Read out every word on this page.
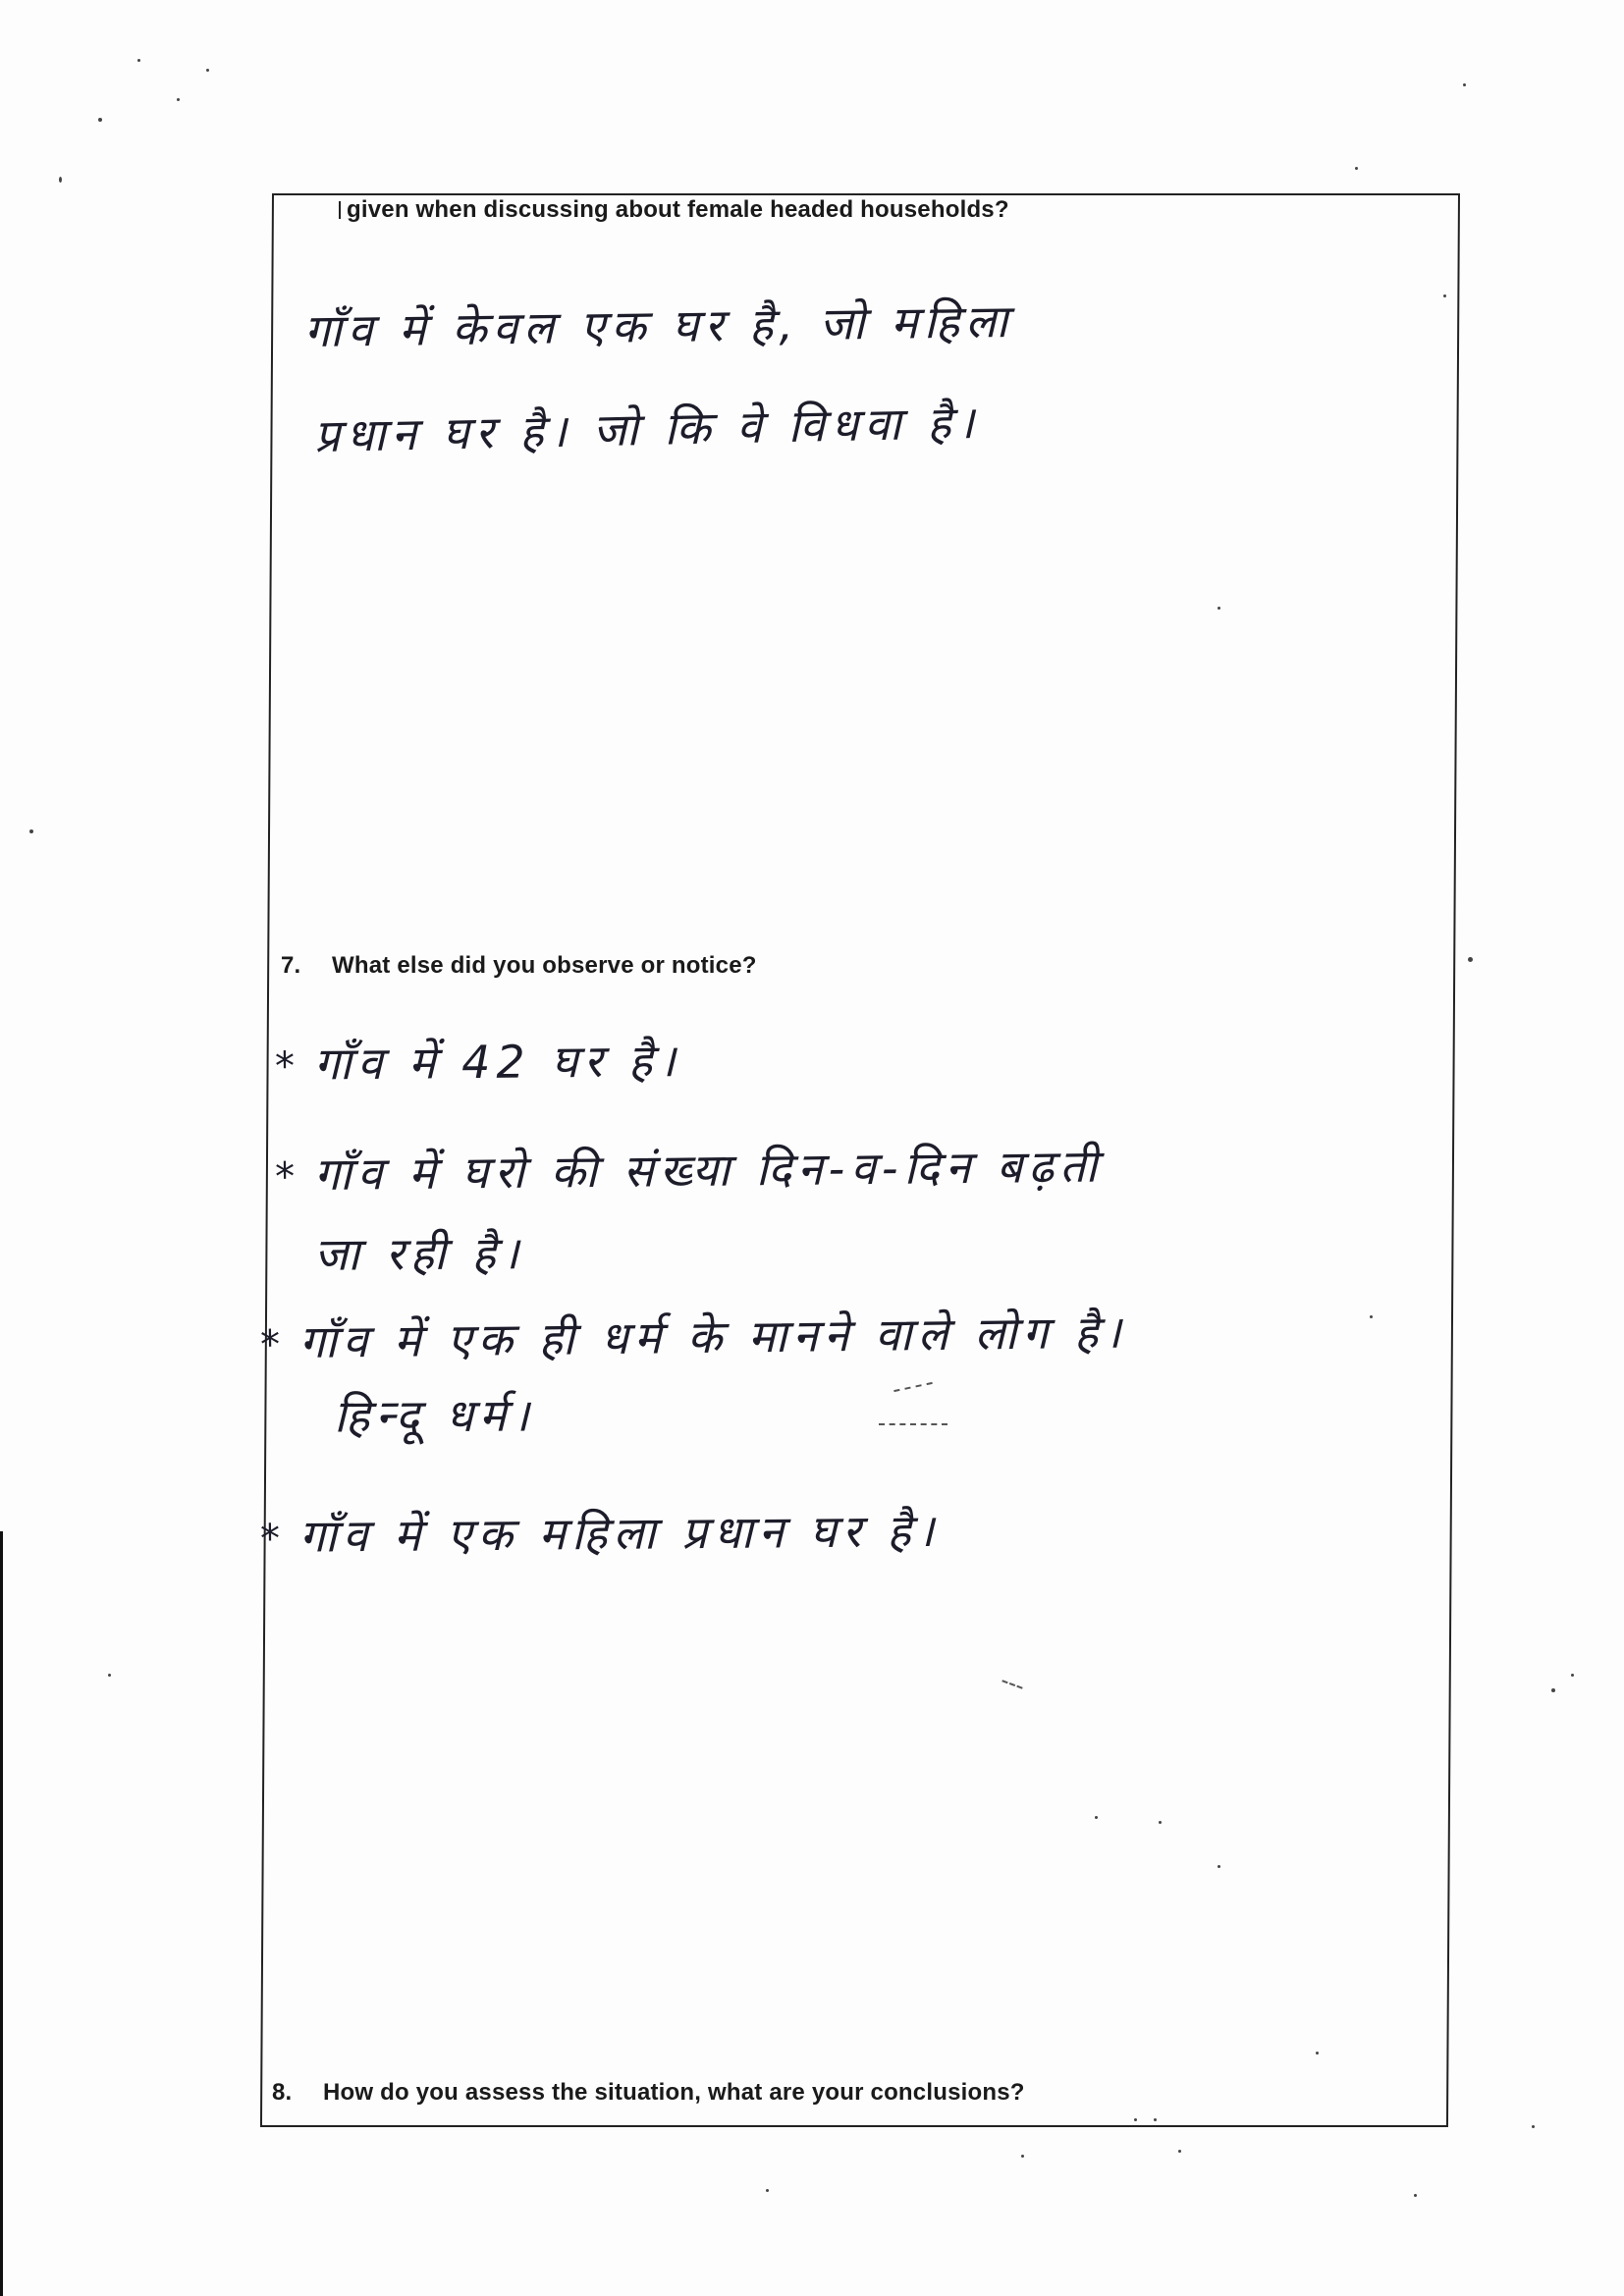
given when discussing about female headed households?
गाँव में केवल एक घर है, जो महिला
प्रधान घर है। जो कि वे विधवा है।
7. What else did you observe or notice?
* गाँव में 42 घर है।
* गाँव में घरो की संख्या दिन-व-दिन बढ़ती
जा रही है।
* गाँव में एक ही धर्म के मानने वाले लोग है।
हिन्दू धर्म।
* गाँव में एक महिला प्रधान घर है।
8. How do you assess the situation, what are your conclusions?
